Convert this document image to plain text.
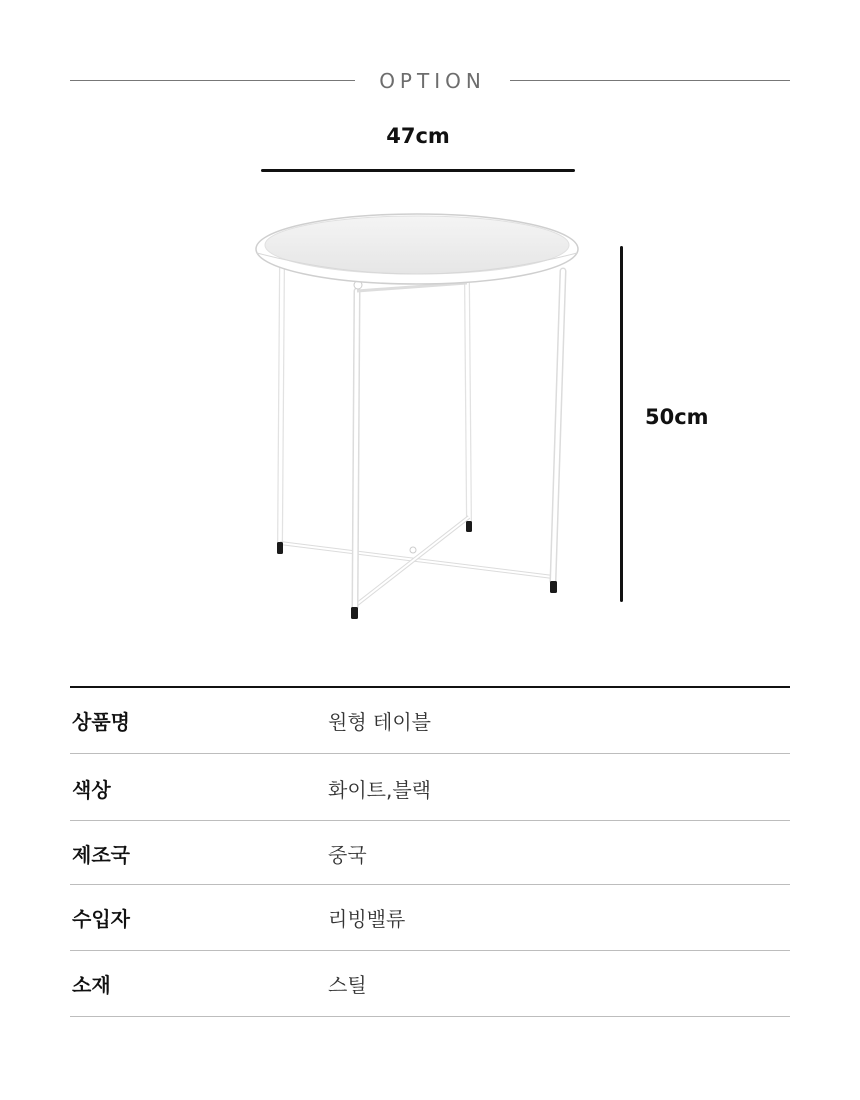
OPTION
47cm
50cm
상품명	원형 테이블
색상	화이트,블랙
제조국	중국
수입자	리빙밸류
소재	스틸
